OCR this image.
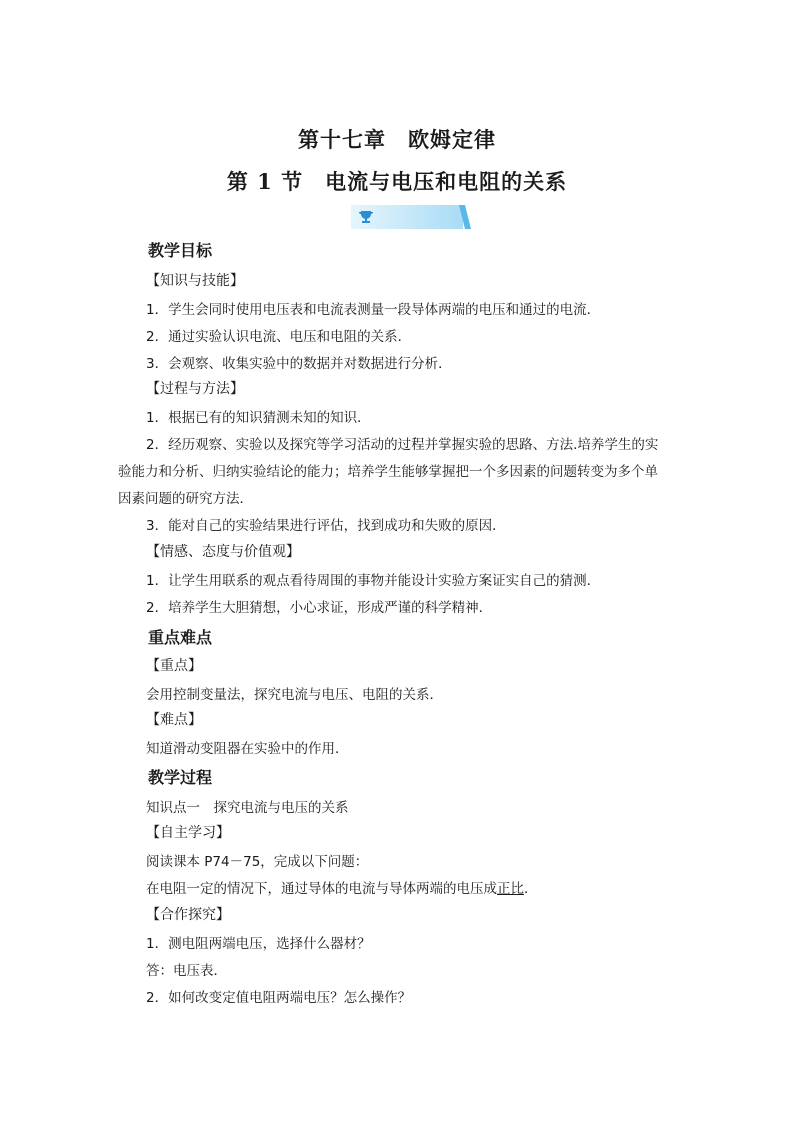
第十七章　欧姆定律
第 1 节　电流与电压和电阻的关系
教学目标
【知识与技能】
1．学生会同时使用电压表和电流表测量一段导体两端的电压和通过的电流．
2．通过实验认识电流、电压和电阻的关系．
3．会观察、收集实验中的数据并对数据进行分析．
【过程与方法】
1．根据已有的知识猜测未知的知识．
2．经历观察、实验以及探究等学习活动的过程并掌握实验的思路、方法.培养学生的实
验能力和分析、归纳实验结论的能力；培养学生能够掌握把一个多因素的问题转变为多个单
因素问题的研究方法．
3．能对自己的实验结果进行评估，找到成功和失败的原因．
【情感、态度与价值观】
1．让学生用联系的观点看待周围的事物并能设计实验方案证实自己的猜测．
2．培养学生大胆猜想，小心求证，形成严谨的科学精神．
重点难点
【重点】
会用控制变量法，探究电流与电压、电阻的关系．
【难点】
知道滑动变阻器在实验中的作用．
教学过程
知识点一　探究电流与电压的关系
【自主学习】
阅读课本 P74－75，完成以下问题：
在电阻一定的情况下，通过导体的电流与导体两端的电压成正比．
【合作探究】
1．测电阻两端电压，选择什么器材？
答：电压表．
2．如何改变定值电阻两端电压？怎么操作？
